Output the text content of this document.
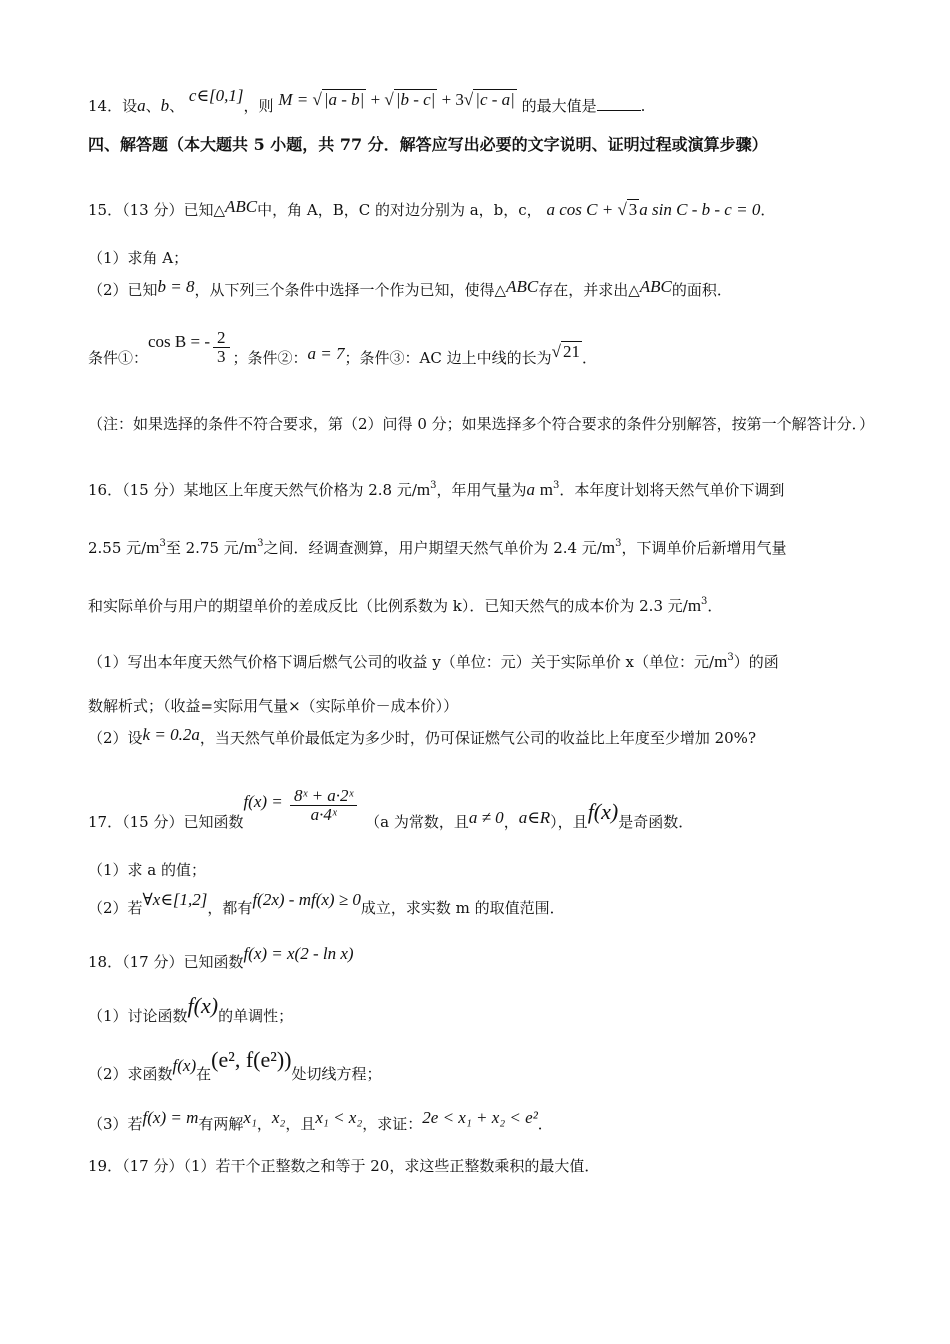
14．设a、b、 c∈[0,1]，则 M = √ |a - b| + √ |b - c| + 3√ |c - a| 的最大值是	.
四、解答题（本大题共 5 小题，共 77 分．解答应写出必要的文字说明、证明过程或演算步骤）
15．（13 分）已知△ABC中，角 A，B，C 的对边分别为 a，b，c， a cos C + √ 3 a sin C - b - c = 0．
（1）求角 A；
（2）已知b = 8，从下列三个条件中选择一个作为已知，使得△ABC存在，并求出△ABC的面积．
条件①：cos B = - $\frac{2}{3}$ ；条件②：a = 7；条件③：AC 边上中线的长为√ 21 ．
（注：如果选择的条件不符合要求，第（2）问得 0 分；如果选择多个符合要求的条件分别解答，按第一个解答计分．）
16．（15 分）某地区上年度天然气价格为 2.8 元$/m^3$，年用气量为a $m^3$．本年度计划将天然气单价下调到
2.55 元$/m^3$至 2.75 元$/m^3$之间．经调查测算，用户期望天然气单价为 2.4 元$/m^3$，下调单价后新增用气量
和实际单价与用户的期望单价的差成反比（比例系数为 k）．已知天然气的成本价为 2.3 元$/m^3$．
（1）写出本年度天然气价格下调后燃气公司的收益 y（单位：元）关于实际单价 x（单位：元$/m^3$）的函
数解析式；（收益=实际用气量×（实际单价－成本价））
（2）设k = 0.2a，当天然气单价最低定为多少时，仍可保证燃气公司的收益比上年度至少增加 20%?
17．（15 分）已知函数$f(x) = \frac{\text{8ˣ + a·2ˣ}}{\text{a·4ˣ}} (a$ 为常数，且a ≠ 0，a∈R），且f(x)是奇函数．
（1）求 a 的值；
（2）若∀x∈[1,2]，都有f(2x) - mf(x) ≥ 0成立，求实数 m 的取值范围．
18．（17 分）已知函数f(x) = x(2 - ln x)
（1）讨论函数f(x)的单调性；
（2）求函数f(x)在(e², f(e²))处切线方程；
（3）若f(x) = m有两解x₁，x₂，且x₁ < x₂，求证：2e < x₁ + x₂ < e²．
19．（17 分）（1）若干个正整数之和等于 20，求这些正整数乘积的最大值．
